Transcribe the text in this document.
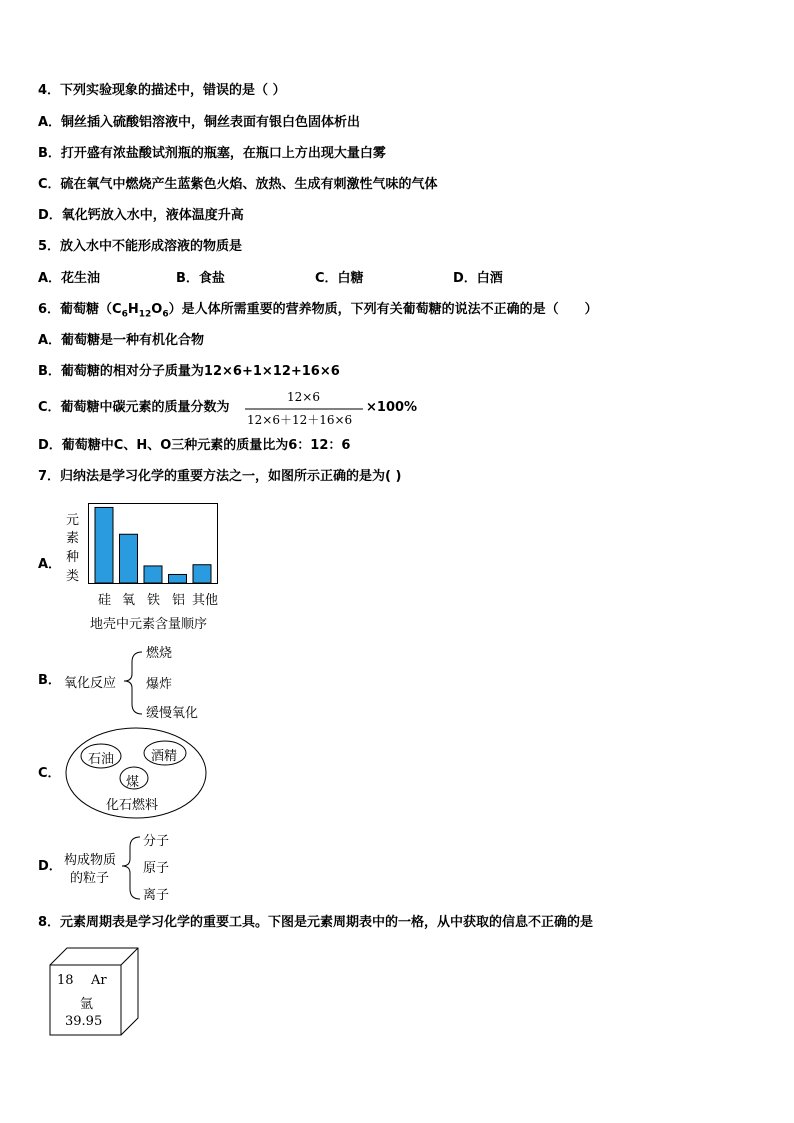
4．下列实验现象的描述中，错误的是（ ）
A．铜丝插入硫酸铝溶液中，铜丝表面有银白色固体析出
B．打开盛有浓盐酸试剂瓶的瓶塞，在瓶口上方出现大量白雾
C．硫在氧气中燃烧产生蓝紫色火焰、放热、生成有刺激性气味的气体
D．氧化钙放入水中，液体温度升高
5．放入水中不能形成溶液的物质是
A．花生油	B．食盐	C．白糖	D．白酒
6．葡萄糖$(C_6H_{12}O_6)$是人体所需重要的营养物质，下列有关葡萄糖的说法不正确的是（　　）
A．葡萄糖是一种有机化合物
B．葡萄糖的相对分子质量为12×6+1×12+16×6
C．葡萄糖中碳元素的质量分数为
12×6
12×6＋12＋16×6
×100%
D．葡萄糖中C、H、O三种元素的质量比为6：12：6
7．归纳法是学习化学的重要方法之一，如图所示正确的是为( )
A．
元
素
种
类
硅 氧 铁 铝 其他
地壳中元素含量顺序
B． 氧化反应
燃烧
爆炸
缓慢氧化
C．
石油	酒精
煤
化石燃料
D． 构成物质
的粒子
分子
原子
离子
8．元素周期表是学习化学的重要工具。下图是元素周期表中的一格，从中获取的信息不正确的是
18 Ar
氩
39.95
